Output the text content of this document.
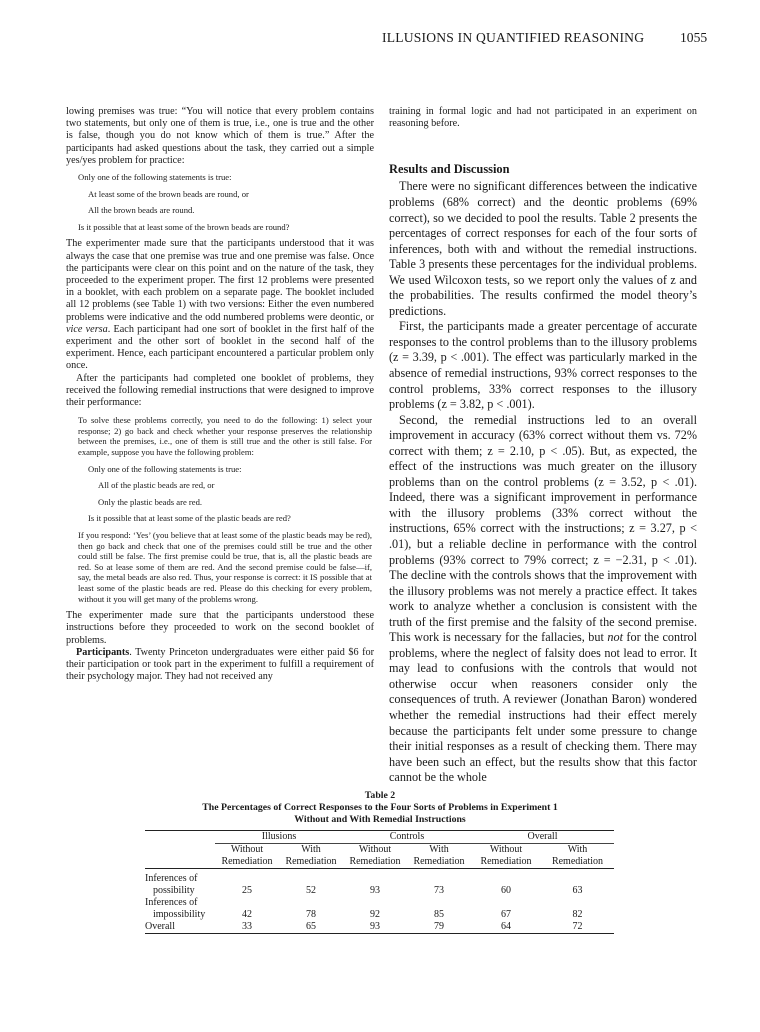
ILLUSIONS IN QUANTIFIED REASONING	1055

lowing premises was true: “You will notice that every problem contains two statements, but only one of them is true, i.e., one is true and the other is false, though you do not know which of them is true.” After the participants had asked questions about the task, they carried out a simple yes/yes problem for practice:

Only one of the following statements is true:
At least some of the brown beads are round, or
All the brown beads are round.
Is it possible that at least some of the brown beads are round?

The experimenter made sure that the participants understood that it was always the case that one premise was true and one premise was false. Once the participants were clear on this point and on the nature of the task, they proceeded to the experiment proper. The first 12 problems were presented in a booklet, with each problem on a separate page. The booklet included all 12 problems (see Table 1) with two versions: Either the even numbered problems were indicative and the odd numbered problems were deontic, or vice versa. Each participant had one sort of booklet in the first half of the experiment and the other sort of booklet in the second half of the experiment. Hence, each participant encountered a particular problem only once.

After the participants had completed one booklet of problems, they received the following remedial instructions that were designed to improve their performance:

To solve these problems correctly, you need to do the following: 1) select your response; 2) go back and check whether your response preserves the relationship between the premises, i.e., one of them is still true and the other is still false. For example, suppose you have the following problem:

Only one of the following statements is true:
All of the plastic beads are red, or
Only the plastic beads are red.
Is it possible that at least some of the plastic beads are red?

If you respond: ‘Yes’ (you believe that at least some of the plastic beads may be red), then go back and check that one of the premises could still be true and the other could still be false. The first premise could be true, that is, all the plastic beads are red. So at lease some of them are red. And the second premise could be false—if, say, the metal beads are also red. Thus, your response is correct: it IS possible that at least some of the plastic beads are red. Please do this checking for every problem, without it you will get many of the problems wrong.

The experimenter made sure that the participants understood these instructions before they proceeded to work on the second booklet of problems.

Participants. Twenty Princeton undergraduates were either paid $6 for their participation or took part in the experiment to fulfill a requirement of their psychology major. They had not received any

training in formal logic and had not participated in an experiment on reasoning before.

Results and Discussion

There were no significant differences between the indicative problems (68% correct) and the deontic problems (69% correct), so we decided to pool the results. Table 2 presents the percentages of correct responses for each of the four sorts of inferences, both with and without the remedial instructions. Table 3 presents these percentages for the individual problems. We used Wilcoxon tests, so we report only the values of z and the probabilities. The results confirmed the model theory’s predictions.

First, the participants made a greater percentage of accurate responses to the control problems than to the illusory problems (z = 3.39, p < .001). The effect was particularly marked in the absence of remedial instructions, 93% correct responses to the control problems, 33% correct responses to the illusory problems (z = 3.82, p < .001).

Second, the remedial instructions led to an overall improvement in accuracy (63% correct without them vs. 72% correct with them; z = 2.10, p < .05). But, as expected, the effect of the instructions was much greater on the illusory problems than on the control problems (z = 3.52, p < .01). Indeed, there was a significant improvement in performance with the illusory problems (33% correct without the instructions, 65% correct with the instructions; z = 3.27, p < .01), but a reliable decline in performance with the control problems (93% correct to 79% correct; z = −2.31, p < .01). The decline with the controls shows that the improvement with the illusory problems was not merely a practice effect. It takes work to analyze whether a conclusion is consistent with the truth of the first premise and the falsity of the second premise. This work is necessary for the fallacies, but not for the control problems, where the neglect of falsity does not lead to error. It may lead to confusions with the controls that would not otherwise occur when reasoners consider only the consequences of truth. A reviewer (Jonathan Baron) wondered whether the remedial instructions had their effect merely because the participants felt under some pressure to change their initial responses as a result of checking them. There may have been such an effect, but the results show that this factor cannot be the whole

Table 2
The Percentages of Correct Responses to the Four Sorts of Problems in Experiment 1
Without and With Remedial Instructions
	Illusions		Controls		Overall	
	Without	With	Without	With	Without	With
	Remediation	Remediation	Remediation	Remediation	Remediation	Remediation
Inferences of						
possibility	25	52	93	73	60	63
Inferences of						
impossibility	42	78	92	85	67	82
Overall	33	65	93	79	64	72
